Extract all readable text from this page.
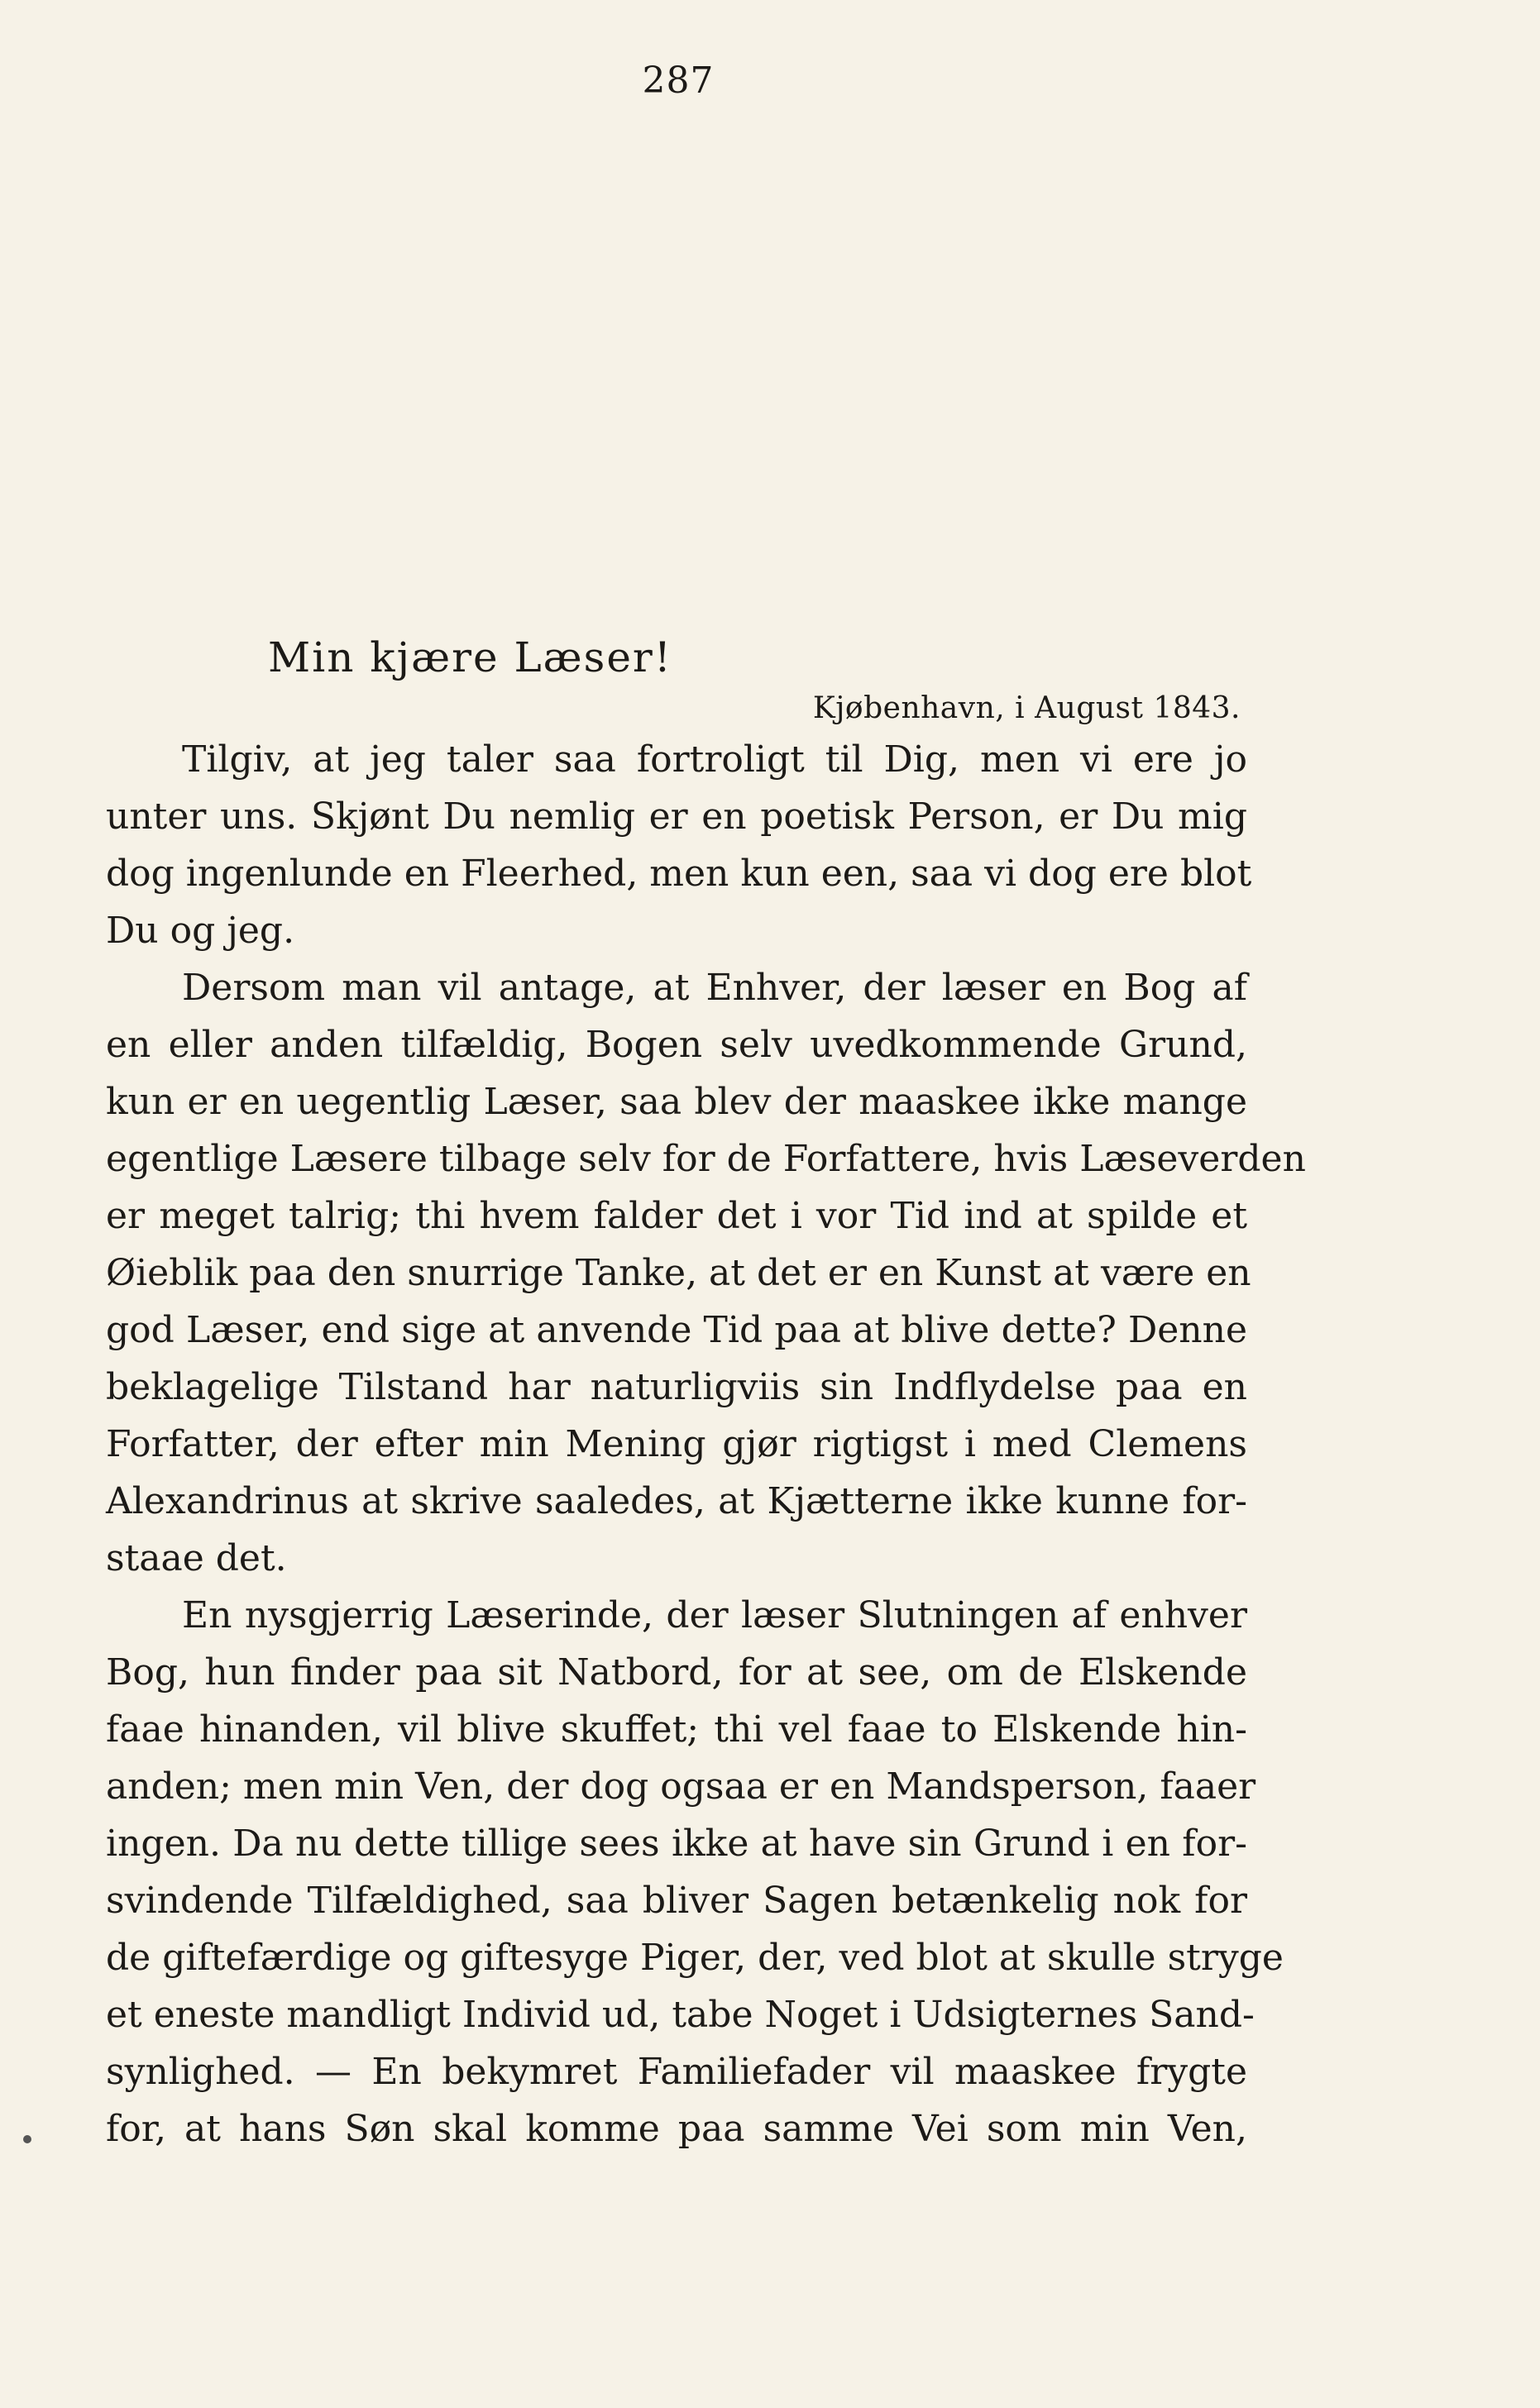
287
Min kjære Læser!
Kjøbenhavn, i August 1843.
Tilgiv, at jeg taler saa fortroligt til Dig, men vi ere jo
unter uns. Skjønt Du nemlig er en poetisk Person, er Du mig
dog ingenlunde en Fleerhed, men kun een, saa vi dog ere blot
Du og jeg.
Dersom man vil antage, at Enhver, der læser en Bog af
en eller anden tilfældig, Bogen selv uvedkommende Grund,
kun er en uegentlig Læser, saa blev der maaskee ikke mange
egentlige Læsere tilbage selv for de Forfattere, hvis Læseverden
er meget talrig; thi hvem falder det i vor Tid ind at spilde et
Øieblik paa den snurrige Tanke, at det er en Kunst at være en
god Læser, end sige at anvende Tid paa at blive dette? Denne
beklagelige Tilstand har naturligviis sin Indflydelse paa en
Forfatter, der efter min Mening gjør rigtigst i med Clemens
Alexandrinus at skrive saaledes, at Kjætterne ikke kunne for-
staae det.
En nysgjerrig Læserinde, der læser Slutningen af enhver
Bog, hun finder paa sit Natbord, for at see, om de Elskende
faae hinanden, vil blive skuffet; thi vel faae to Elskende hin-
anden; men min Ven, der dog ogsaa er en Mandsperson, faaer
ingen. Da nu dette tillige sees ikke at have sin Grund i en for-
svindende Tilfældighed, saa bliver Sagen betænkelig nok for
de giftefærdige og giftesyge Piger, der, ved blot at skulle stryge
et eneste mandligt Individ ud, tabe Noget i Udsigternes Sand-
synlighed. — En bekymret Familiefader vil maaskee frygte
for, at hans Søn skal komme paa samme Vei som min Ven,
